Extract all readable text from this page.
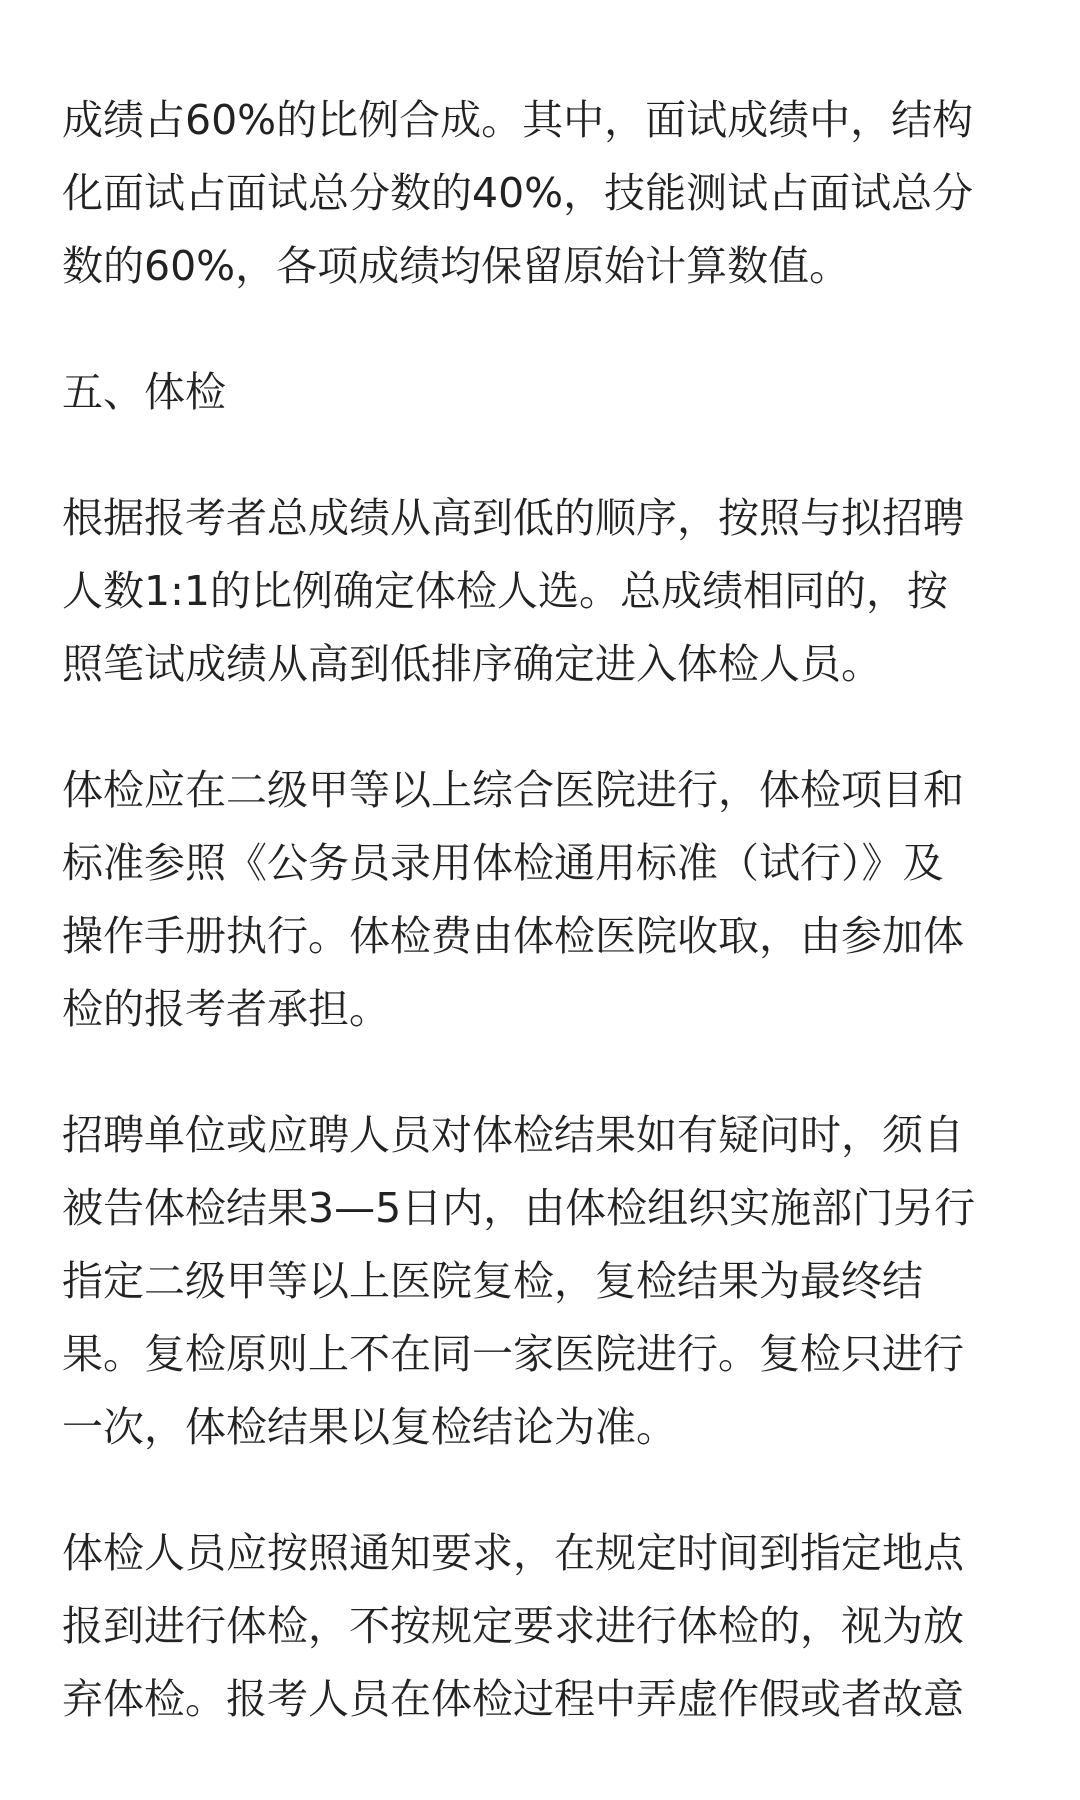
成绩占60%的比例合成。其中，面试成绩中，结构
化面试占面试总分数的40%，技能测试占面试总分
数的60%，各项成绩均保留原始计算数值。

五、体检

根据报考者总成绩从高到低的顺序，按照与拟招聘
人数1:1的比例确定体检人选。总成绩相同的，按
照笔试成绩从高到低排序确定进入体检人员。

体检应在二级甲等以上综合医院进行，体检项目和
标准参照《公务员录用体检通用标准（试行）》及
操作手册执行。体检费由体检医院收取，由参加体
检的报考者承担。

招聘单位或应聘人员对体检结果如有疑问时，须自
被告体检结果3—5日内，由体检组织实施部门另行
指定二级甲等以上医院复检，复检结果为最终结
果。复检原则上不在同一家医院进行。复检只进行
一次，体检结果以复检结论为准。

体检人员应按照通知要求，在规定时间到指定地点
报到进行体检，不按规定要求进行体检的，视为放
弃体检。报考人员在体检过程中弄虚作假或者故意
